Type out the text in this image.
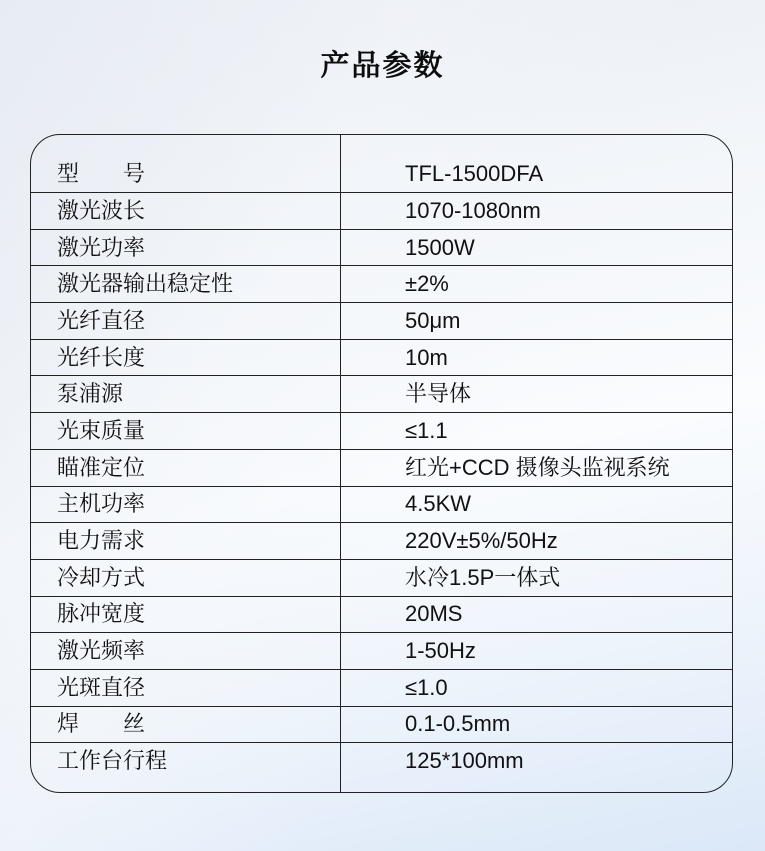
产品参数
型　　号	TFL-1500DFA
激光波长	1070-1080nm
激光功率	1500W
激光器输出稳定性	±2%
光纤直径	50μm
光纤长度	10m
泵浦源	半导体
光束质量	≤1.1
瞄准定位	红光+CCD 摄像头监视系统
主机功率	4.5KW
电力需求	220V±5%/50Hz
冷却方式	水冷1.5P一体式
脉冲宽度	20MS
激光频率	1-50Hz
光斑直径	≤1.0
焊　　丝	0.1-0.5mm
工作台行程	125*100mm
